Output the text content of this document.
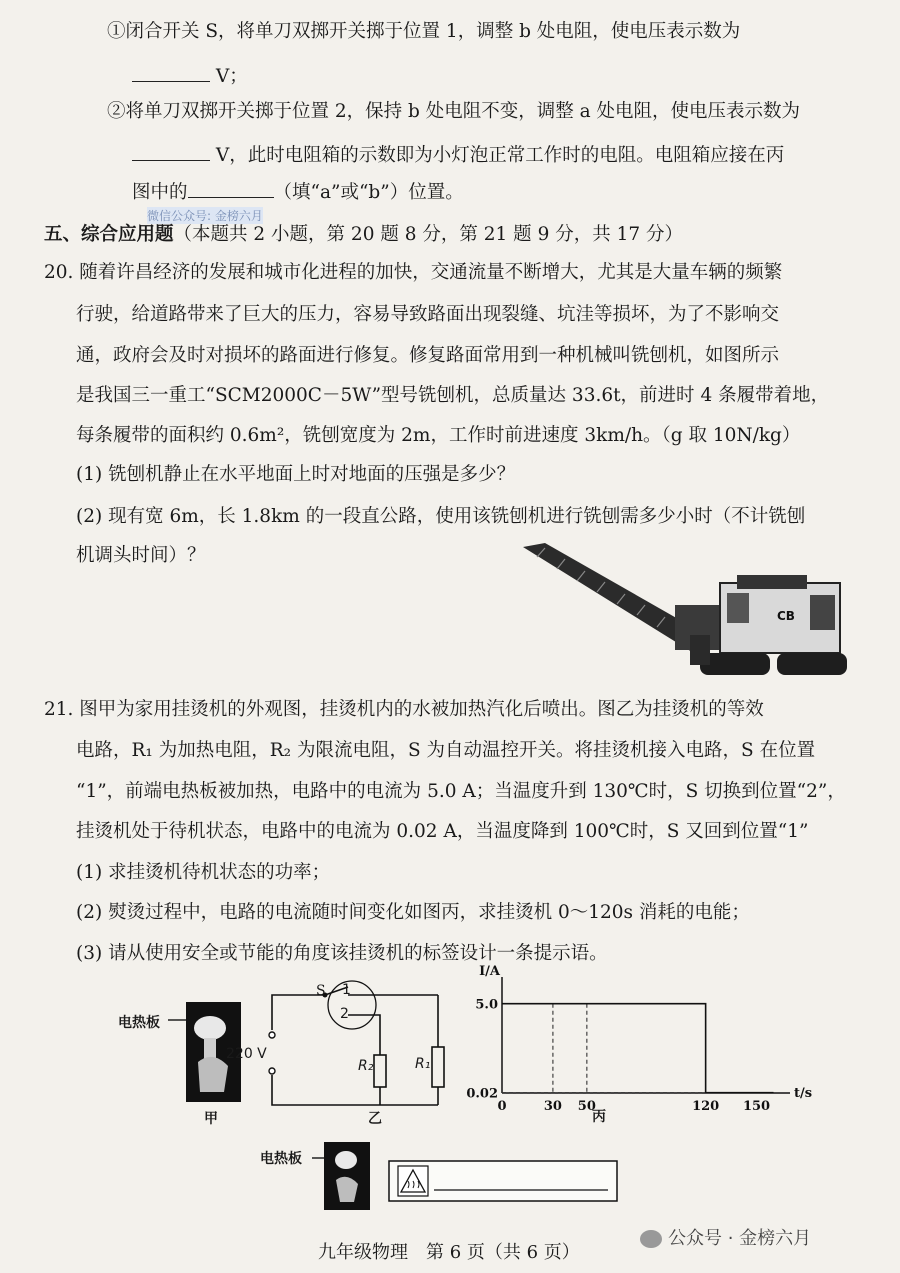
①闭合开关 S，将单刀双掷开关掷于位置 1，调整 b 处电阻，使电压表示数为
V；
②将单刀双掷开关掷于位置 2，保持 b 处电阻不变，调整 a 处电阻，使电压表示数为
V，此时电阻箱的示数即为小灯泡正常工作时的电阻。电阻箱应接在丙
图中的	（填“a”或“b”）位置。
微信公众号: 金榜六月
五、综合应用题（本题共 2 小题，第 20 题 8 分，第 21 题 9 分，共 17 分）
20. 随着许昌经济的发展和城市化进程的加快，交通流量不断增大，尤其是大量车辆的频繁
行驶，给道路带来了巨大的压力，容易导致路面出现裂缝、坑洼等损坏，为了不影响交
通，政府会及时对损坏的路面进行修复。修复路面常用到一种机械叫铣刨机，如图所示
是我国三一重工“SCM2000C－5W”型号铣刨机，总质量达 33.6t，前进时 4 条履带着地，
每条履带的面积约 0.6m²，铣刨宽度为 2m，工作时前进速度 3km/h。（g 取 10N/kg）
(1) 铣刨机静止在水平地面上时对地面的压强是多少？
(2) 现有宽 6m，长 1.8km 的一段直公路，使用该铣刨机进行铣刨需多少小时（不计铣刨
机调头时间）？
CB
21. 图甲为家用挂烫机的外观图，挂烫机内的水被加热汽化后喷出。图乙为挂烫机的等效
电路，R₁ 为加热电阻，R₂ 为限流电阻，S 为自动温控开关。将挂烫机接入电路，S 在位置
“1”，前端电热板被加热，电路中的电流为 5.0 A；当温度升到 130℃时，S 切换到位置“2”，
挂烫机处于待机状态，电路中的电流为 0.02 A，当温度降到 100℃时，S 又回到位置“1”
(1) 求挂烫机待机状态的功率；
(2) 熨烫过程中，电路的电流随时间变化如图丙，求挂烫机 0～120s 消耗的电能；
(3) 请从使用安全或节能的角度该挂烫机的标签设计一条提示语。
电热板
甲
S 1
2
220 V
R₂	R₁
乙
t/s
I/A
0	30 50	120 150
0.02
5.0
丙
电热板
九年级物理　第 6 页（共 6 页）
公众号 · 金榜六月
